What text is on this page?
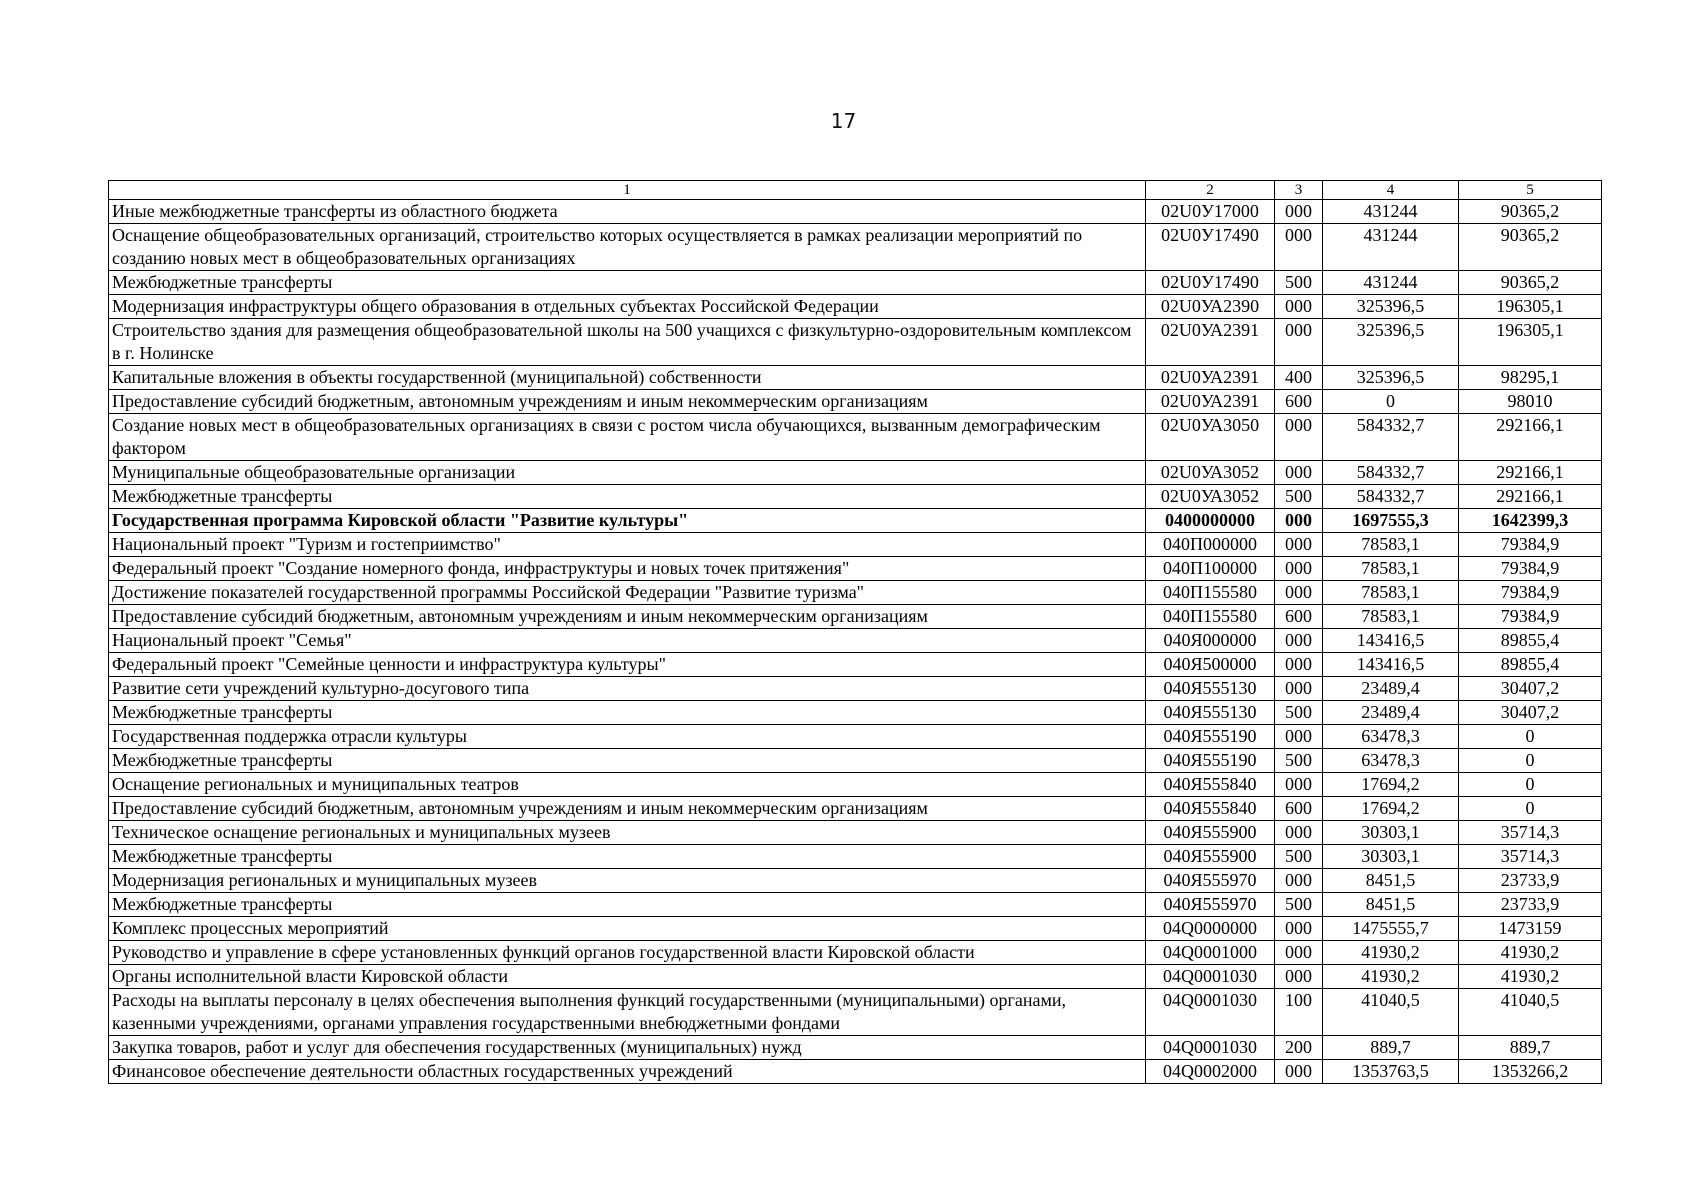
17
1	2	3	4	5
Иные межбюджетные трансферты из областного бюджета	02U0У17000	000	431244	90365,2
Оснащение общеобразовательных организаций, строительство которых осуществляется в рамках реализации мероприятий по созданию новых мест в общеобразовательных организациях	02U0У17490	000	431244	90365,2
Межбюджетные трансферты	02U0У17490	500	431244	90365,2
Модернизация инфраструктуры общего образования в отдельных субъектах Российской Федерации	02U0УА2390	000	325396,5	196305,1
Строительство здания для размещения общеобразовательной школы на 500 учащихся с физкультурно-оздоровительным комплексом в г. Нолинске	02U0УА2391	000	325396,5	196305,1
Капитальные вложения в объекты государственной (муниципальной) собственности	02U0УА2391	400	325396,5	98295,1
Предоставление субсидий бюджетным, автономным учреждениям и иным некоммерческим организациям	02U0УА2391	600	0	98010
Создание новых мест в общеобразовательных организациях в связи с ростом числа обучающихся, вызванным демографическим фактором	02U0УА3050	000	584332,7	292166,1
Муниципальные общеобразовательные организации	02U0УА3052	000	584332,7	292166,1
Межбюджетные трансферты	02U0УА3052	500	584332,7	292166,1
Государственная программа Кировской области "Развитие культуры"	0400000000	000	1697555,3	1642399,3
Национальный проект "Туризм и гостеприимство"	040П000000	000	78583,1	79384,9
Федеральный проект "Создание номерного фонда, инфраструктуры и новых точек притяжения"	040П100000	000	78583,1	79384,9
Достижение показателей государственной программы Российской Федерации "Развитие туризма"	040П155580	000	78583,1	79384,9
Предоставление субсидий бюджетным, автономным учреждениям и иным некоммерческим организациям	040П155580	600	78583,1	79384,9
Национальный проект "Семья"	040Я000000	000	143416,5	89855,4
Федеральный проект "Семейные ценности и инфраструктура культуры"	040Я500000	000	143416,5	89855,4
Развитие сети учреждений культурно-досугового типа	040Я555130	000	23489,4	30407,2
Межбюджетные трансферты	040Я555130	500	23489,4	30407,2
Государственная поддержка отрасли культуры	040Я555190	000	63478,3	0
Межбюджетные трансферты	040Я555190	500	63478,3	0
Оснащение региональных и муниципальных театров	040Я555840	000	17694,2	0
Предоставление субсидий бюджетным, автономным учреждениям и иным некоммерческим организациям	040Я555840	600	17694,2	0
Техническое оснащение региональных и муниципальных музеев	040Я555900	000	30303,1	35714,3
Межбюджетные трансферты	040Я555900	500	30303,1	35714,3
Модернизация региональных и муниципальных музеев	040Я555970	000	8451,5	23733,9
Межбюджетные трансферты	040Я555970	500	8451,5	23733,9
Комплекс процессных мероприятий	04Q0000000	000	1475555,7	1473159
Руководство и управление в сфере установленных функций органов государственной власти Кировской области	04Q0001000	000	41930,2	41930,2
Органы исполнительной власти Кировской области	04Q0001030	000	41930,2	41930,2
Расходы на выплаты персоналу в целях обеспечения выполнения функций государственными (муниципальными) органами, казенными учреждениями, органами управления государственными внебюджетными фондами	04Q0001030	100	41040,5	41040,5
Закупка товаров, работ и услуг для обеспечения государственных (муниципальных) нужд	04Q0001030	200	889,7	889,7
Финансовое обеспечение деятельности областных государственных учреждений	04Q0002000	000	1353763,5	1353266,2
